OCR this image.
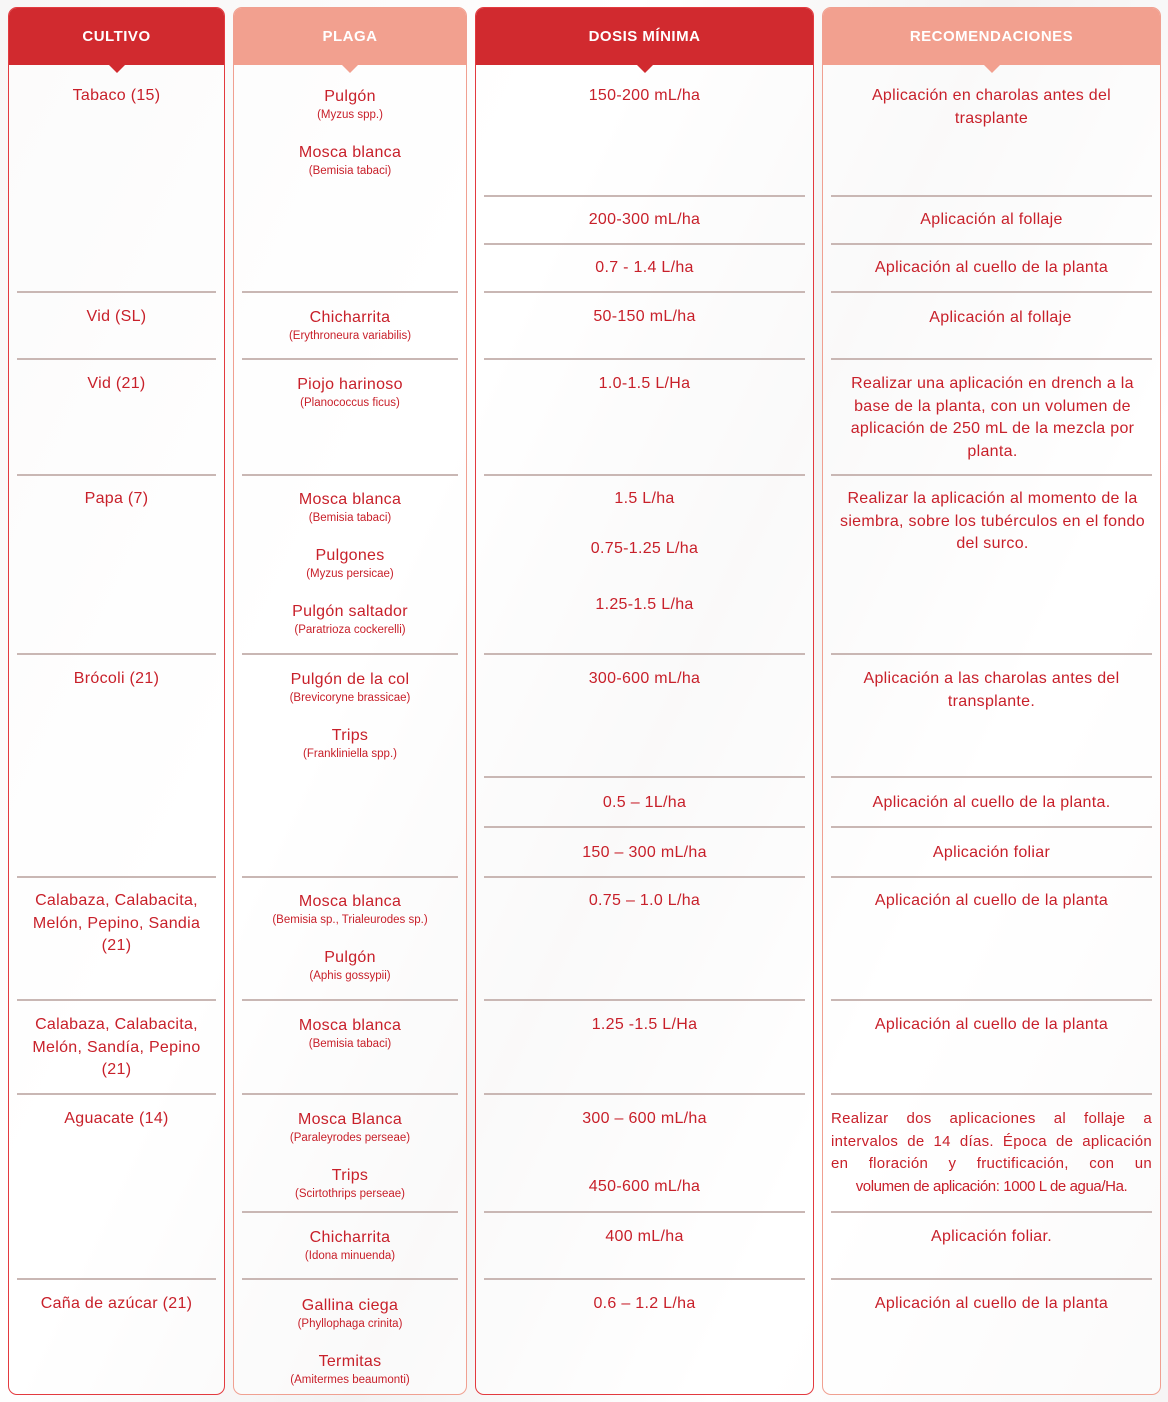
CULTIVO
Tabaco (15)
Vid (SL)
Vid (21)
Papa (7)
Brócoli (21)
Calabaza, Calabacita, Melón, Pepino, Sandia (21)
Calabaza, Calabacita, Melón, Sandía, Pepino (21)
Aguacate (14)
Caña de azúcar (21)
PLAGA
Pulgón
(Myzus spp.)
Mosca blanca
(Bemisia tabaci)
Chicharrita
(Erythroneura variabilis)
Piojo harinoso
(Planococcus ficus)
Mosca blanca
(Bemisia tabaci)
Pulgones
(Myzus persicae)
Pulgón saltador
(Paratrioza cockerelli)
Pulgón de la col
(Brevicoryne brassicae)
Trips
(Frankliniella spp.)
Mosca blanca
(Bemisia sp., Trialeurodes sp.)
Pulgón
(Aphis gossypii)
Mosca blanca
(Bemisia tabaci)
Mosca Blanca
(Paraleyrodes perseae)
Trips
(Scirtothrips perseae)
Chicharrita
(Idona minuenda)
Gallina ciega
(Phyllophaga crinita)
Termitas
(Amitermes beaumonti)
DOSIS MÍNIMA
150-200 mL/ha
200-300 mL/ha
0.7 - 1.4 L/ha
50-150 mL/ha
1.0-1.5 L/Ha
1.5 L/ha
0.75-1.25 L/ha
1.25-1.5 L/ha
300-600 mL/ha
0.5 – 1L/ha
150 – 300 mL/ha
0.75 – 1.0 L/ha
1.25 -1.5 L/Ha
300 – 600 mL/ha
450-600 mL/ha
400 mL/ha
0.6 – 1.2 L/ha
RECOMENDACIONES
Aplicación en charolas antes del trasplante
Aplicación al follaje
Aplicación al cuello de la planta
Aplicación al follaje
Realizar una aplicación en drench a la base de la planta, con un volumen de aplicación de 250 mL de la mezcla por planta.
Realizar la aplicación al momento de la siembra, sobre los tubérculos en el fondo del surco.
Aplicación a las charolas antes del transplante.
Aplicación al cuello de la planta.
Aplicación foliar
Aplicación al cuello de la planta
Aplicación al cuello de la planta
Realizar dos aplicaciones al follaje a
intervalos de 14 días. Época de aplicación
en floración y fructificación, con un
volumen de aplicación: 1000 L de agua/Ha.
Aplicación foliar.
Aplicación al cuello de la planta
